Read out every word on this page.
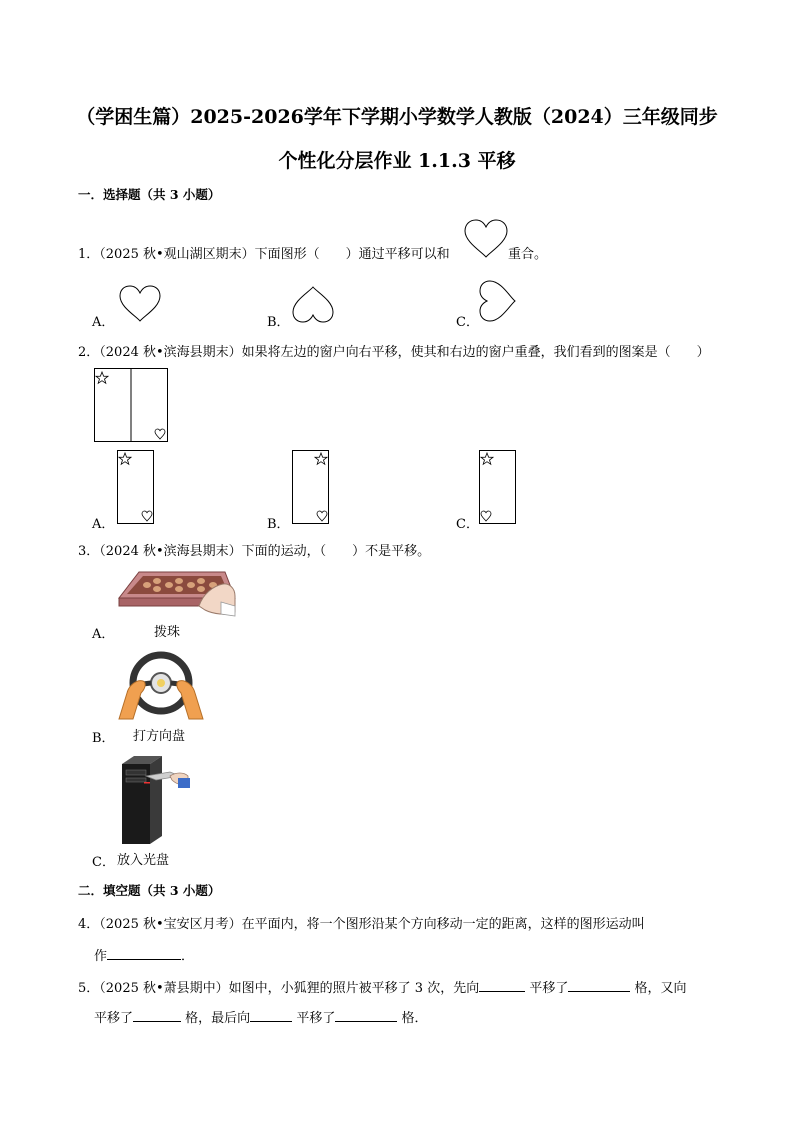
（学困生篇）2025-2026学年下学期小学数学人教版（2024）三年级同步
个性化分层作业 1.1.3 平移
一．选择题（共 3 小题）
1．（2025 秋•观山湖区期末）下面图形（　　）通过平移可以和	重合。
A．	B．	C．
2．（2024 秋•滨海县期末）如果将左边的窗户向右平移，使其和右边的窗户重叠，我们看到的图案是（　　）
A．	B．	C．
3．（2024 秋•滨海县期末）下面的运动，（　　）不是平移。
A．	拨珠
B． 打方向盘
C． 放入光盘
二．填空题（共 3 小题）
4．（2025 秋•宝安区月考）在平面内，将一个图形沿某个方向移动一定的距离，这样的图形运动叫
作	．
5．（2025 秋•萧县期中）如图中，小狐狸的照片被平移了 3 次，先向	平移了	格，又向
平移了	格，最后向	平移了	格．
